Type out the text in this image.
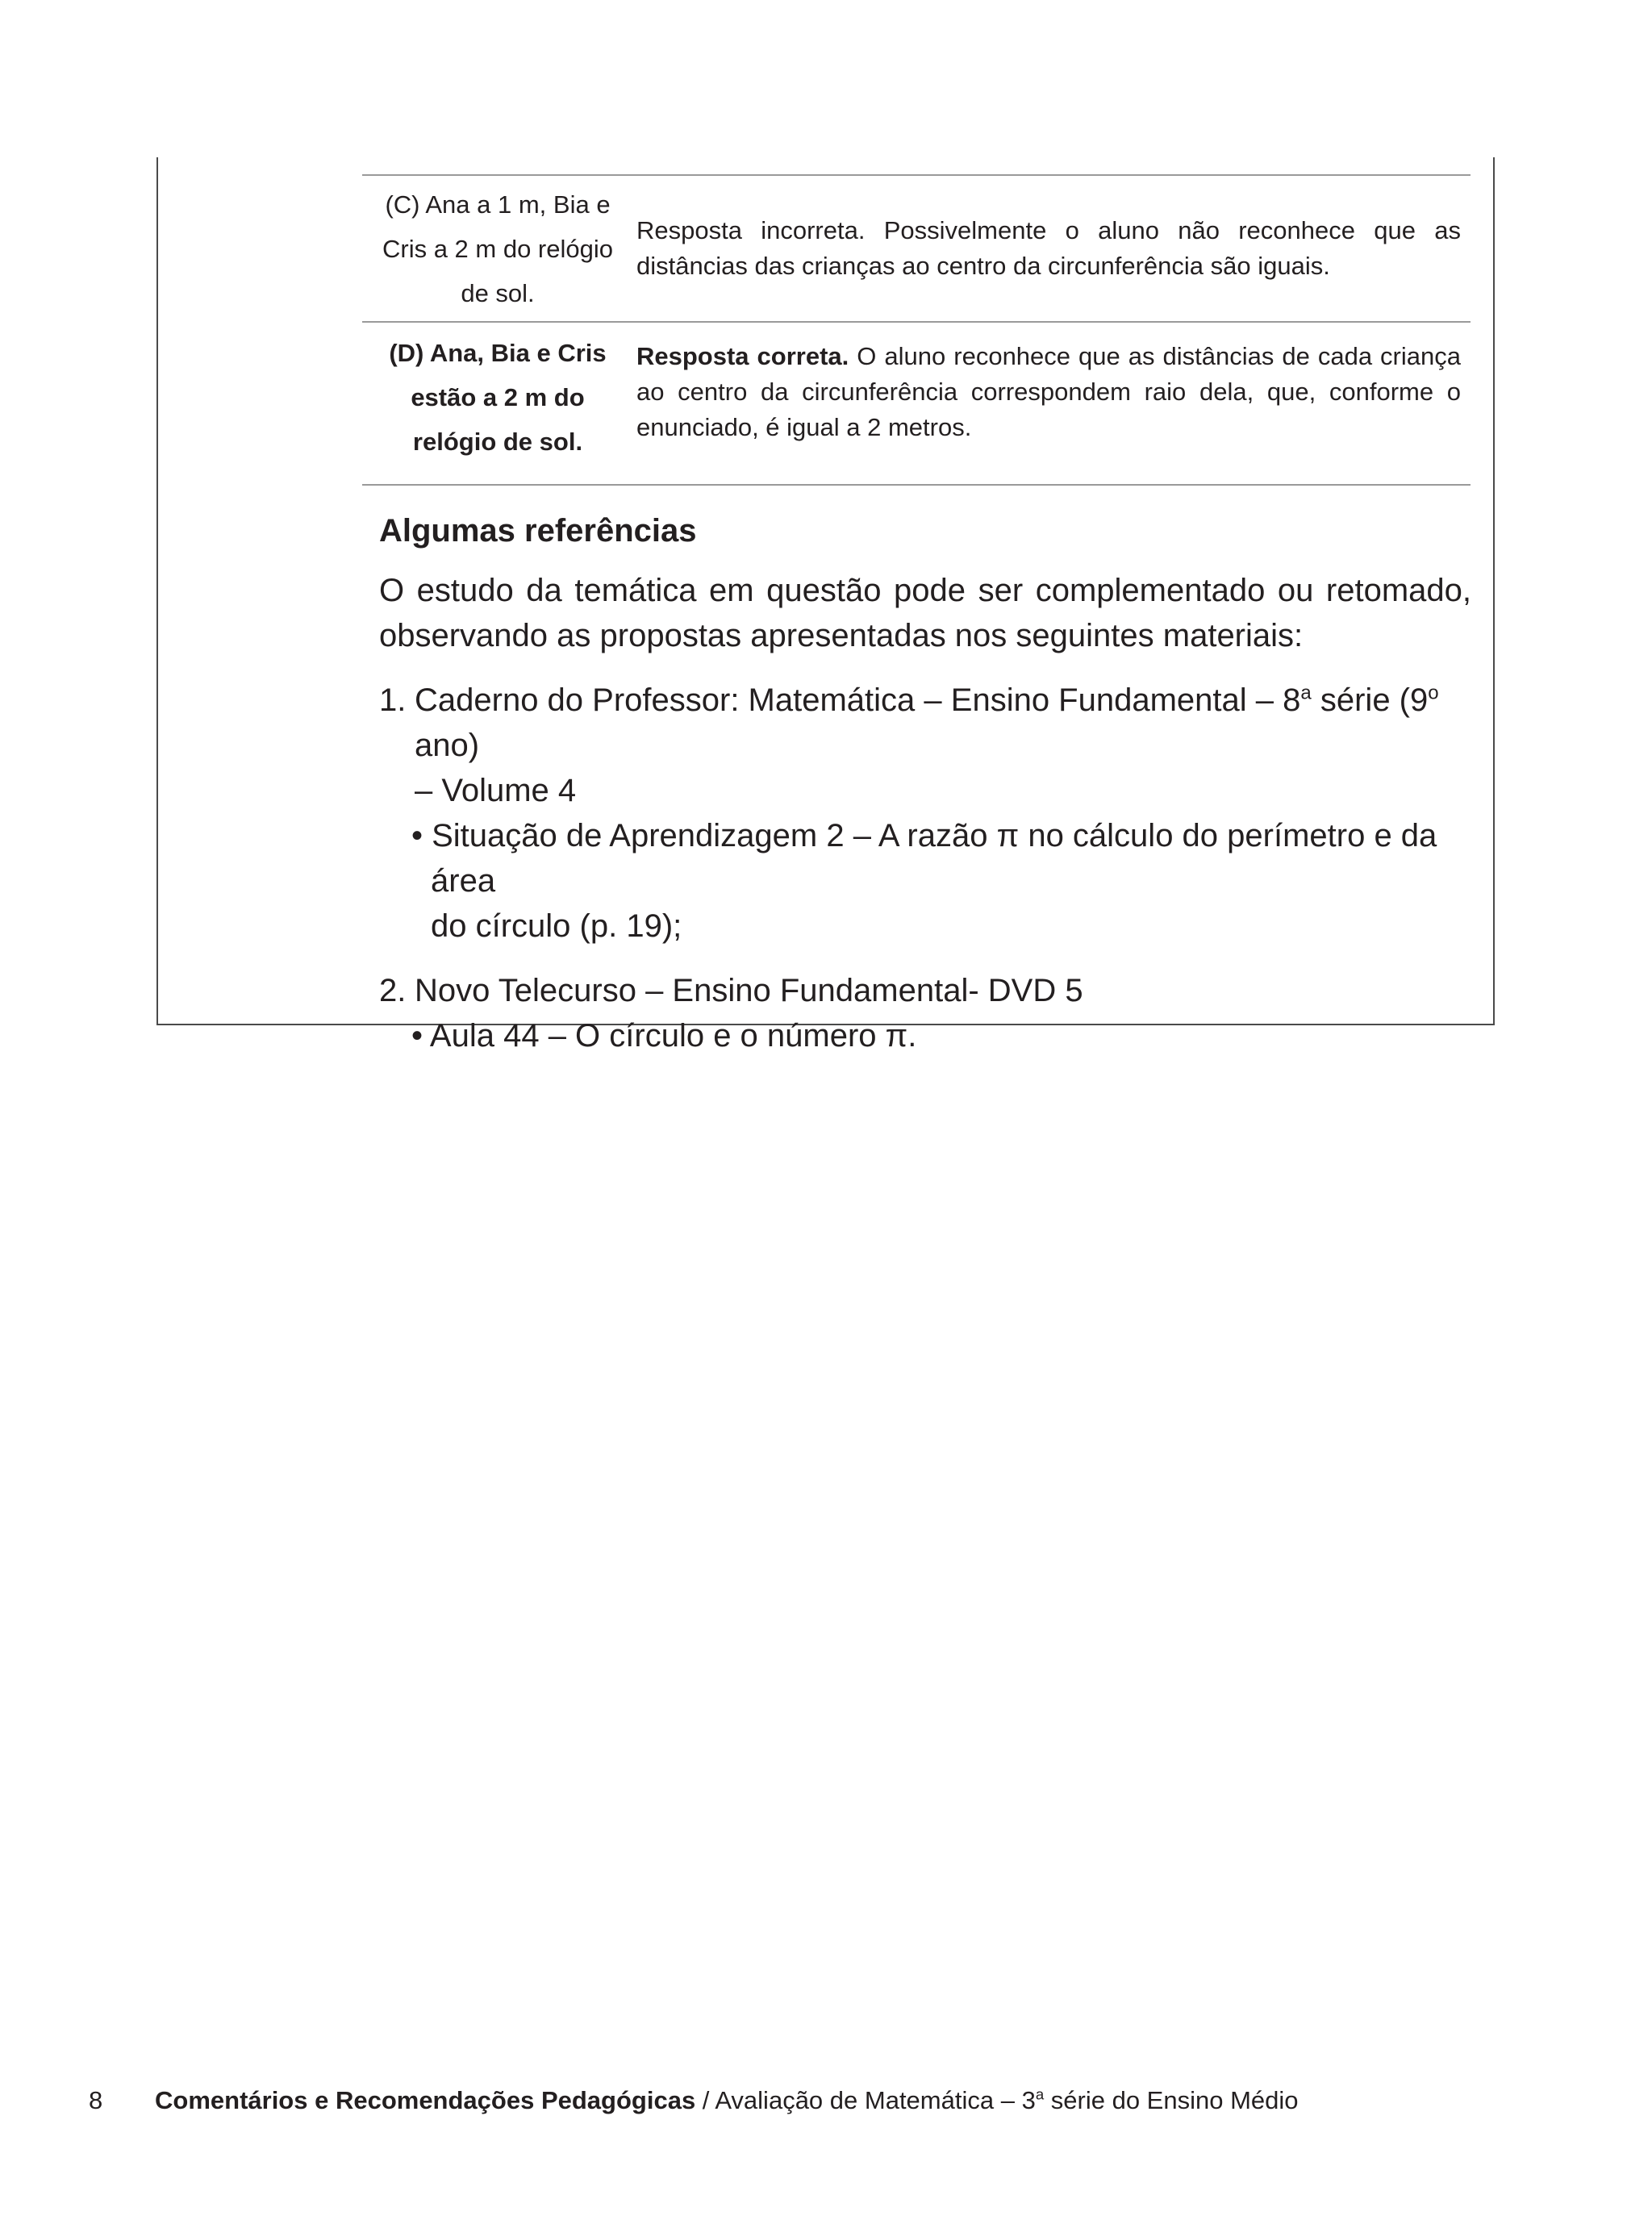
(C) Ana a 1 m, Bia e
Cris a 2 m do relógio
de sol.	Resposta incorreta. Possivelmente o aluno não reconhece que as distâncias das crianças ao centro da circunferência são iguais.

(D) Ana, Bia e Cris
estão a 2 m do
relógio de sol.	Resposta correta. O aluno reconhece que as distâncias de cada criança ao centro da circunferência correspondem raio dela, que, conforme o enunciado, é igual a 2 metros.
Algumas referências

O estudo da temática em questão pode ser complementado ou retomado, observando as propostas apresentadas nos seguintes materiais:

1. Caderno do Professor: Matemática – Ensino Fundamental – 8$^a$ série (9$^o$ ano)
– Volume 4
• Situação de Aprendizagem 2 – A razão π no cálculo do perímetro e da área
do círculo (p. 19);
2. Novo Telecurso – Ensino Fundamental- DVD 5
• Aula 44 – O círculo e o número π.
8 Comentários e Recomendações Pedagógicas / Avaliação de Matemática – 3$^a$ série do Ensino Médio
